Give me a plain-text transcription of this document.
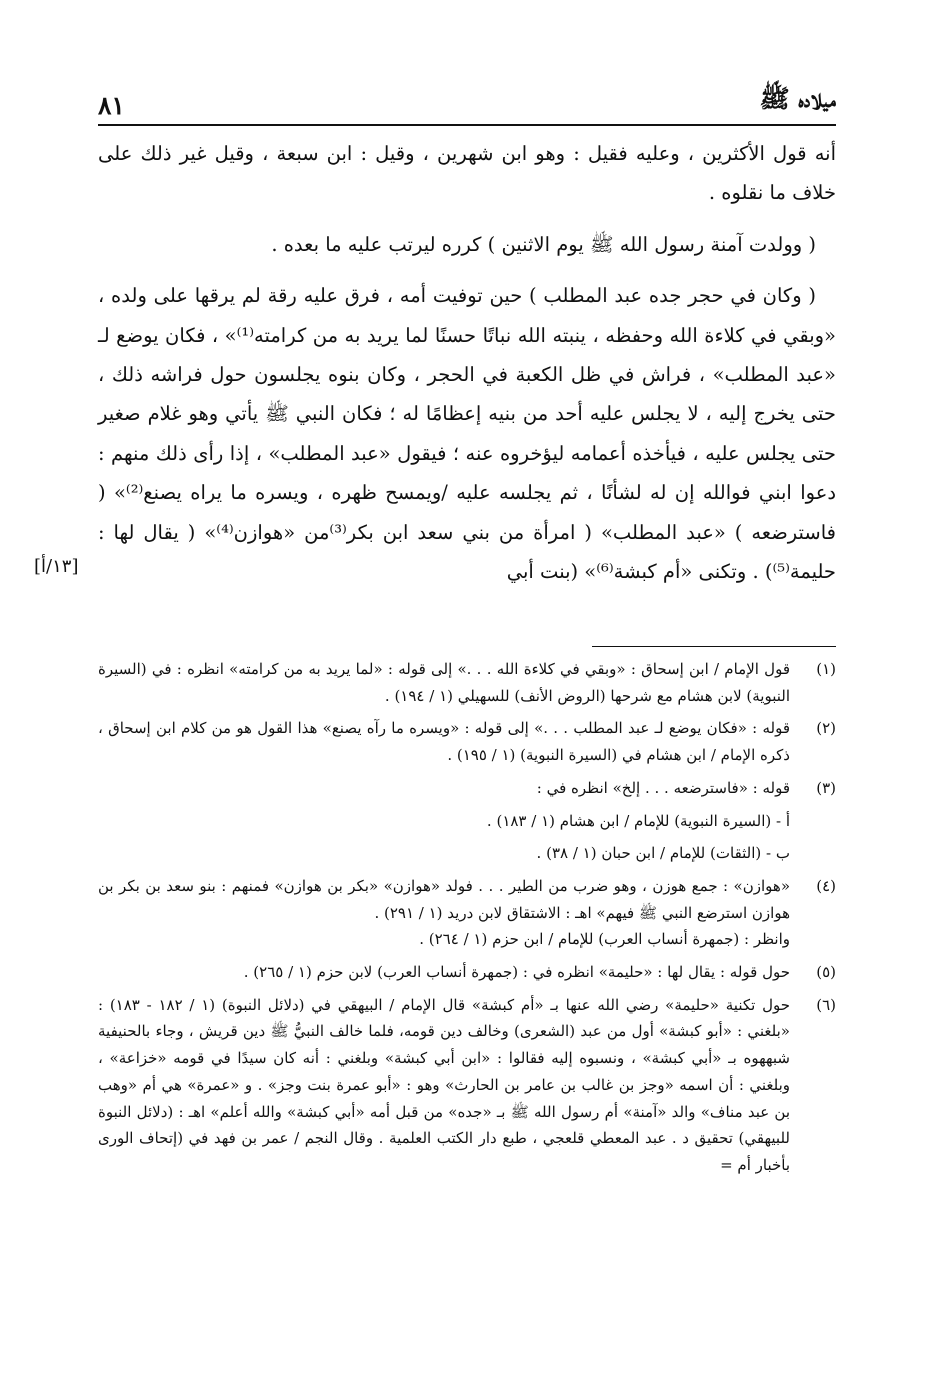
٨١	ميلاده ﷺ

أنه قول الأكثرين ، وعليه فقيل : وهو ابن شهرين ، وقيل : ابن سبعة ، وقيل غير ذلك على خلاف ما نقلوه .

( وولدت آمنة رسول الله ﷺ يوم الاثنين ) كرره ليرتب عليه ما بعده .

( وكان في حجر جده عبد المطلب ) حين توفيت أمه ، فرق عليه رقة لم يرقها على ولده ، «وبقي في كلاءة الله وحفظه ، ينبته الله نباتًا حسنًا لما يريد به من كرامته⁽¹⁾» ، فكان يوضع لـ «عبد المطلب» ، فراش في ظل الكعبة في الحجر ، وكان بنوه يجلسون حول فراشه ذلك ، حتى يخرج إليه ، لا يجلس عليه أحد من بنيه إعظامًا له ؛ فكان النبي ﷺ يأتي وهو غلام صغير حتى يجلس عليه ، فيأخذه أعمامه ليؤخروه عنه ؛ فيقول «عبد المطلب» ، إذا رأى ذلك منهم : دعوا ابني فوالله إن له لشأنًا ، ثم يجلسه عليه /ويمسح ظهره ، ويسره ما يراه يصنع⁽²⁾» ( فاسترضعه ) «عبد المطلب» ( امرأة من بني سعد ابن بكر⁽³⁾من «هوازن⁽⁴⁾» ( يقال لها : حليمة⁽⁵⁾) . وتكنى «أم كبشة⁽⁶⁾» (بنت أبي

[١٣/أ]
(١)
قول الإمام / ابن إسحاق : «وبقي في كلاءة الله . . .» إلى قوله : «لما يريد به من كرامته» انظره : في (السيرة النبوية) لابن هشام مع شرحها (الروض الأنف) للسهيلي (١ / ١٩٤) .
(٢)
قوله : «فكان يوضع لـ عبد المطلب . . .» إلى قوله : «ويسره ما رآه يصنع» هذا القول هو من كلام ابن إسحاق ، ذكره الإمام / ابن هشام في (السيرة النبوية) (١ / ١٩٥) .
(٣)
قوله : «فاسترضعه . . . إلخ» انظره في :
أ - (السيرة النبوية) للإمام / ابن هشام (١ / ١٨٣) .
ب - (الثقات) للإمام / ابن حبان (١ / ٣٨) .
(٤)
«هوازن» : جمع هوزن ، وهو ضرب من الطير . . . فولد «هوازن» «بكر بن هوازن» فمنهم : بنو سعد بن بكر بن هوازن استرضع النبي ﷺ فيهم» اهـ : الاشتقاق لابن دريد (١ / ٢٩١) .
وانظر : (جمهرة أنساب العرب) للإمام / ابن حزم (١ / ٢٦٤) .
(٥)
حول قوله : يقال لها : «حليمة» انظره في : (جمهرة أنساب العرب) لابن حزم (١ / ٢٦٥) .
(٦)
حول تكنية «حليمة» رضي الله عنها بـ «أم كبشة» قال الإمام / البيهقي في (دلائل النبوة) (١ / ١٨٢ - ١٨٣) : «بلغني : «أبو كبشة» أول من عبد (الشعرى) وخالف دين قومه، فلما خالف النبيُّ ﷺ دين قريش ، وجاء بالحنيفية شبههوه بـ «أبي كبشة» ، ونسبوه إليه فقالوا : «ابن أبي كبشة» وبلغني : أنه كان سيدًا في قومه «خزاعة» ، وبلغني : أن اسمه «وجز بن غالب بن عامر بن الحارث» وهو : «أبو عمرة بنت وجز» . و «عمرة» هي أم «وهب بن عبد مناف» والد «آمنة» أم رسول الله ﷺ بـ «جده» من قبل أمه «أبي كبشة» والله أعلم» اهـ : (دلائل النبوة للبيهقي) تحقيق د . عبد المعطي قلعجي ، طبع دار الكتب العلمية . وقال النجم / عمر بن فهد في (إتحاف الورى بأخبار أم =
